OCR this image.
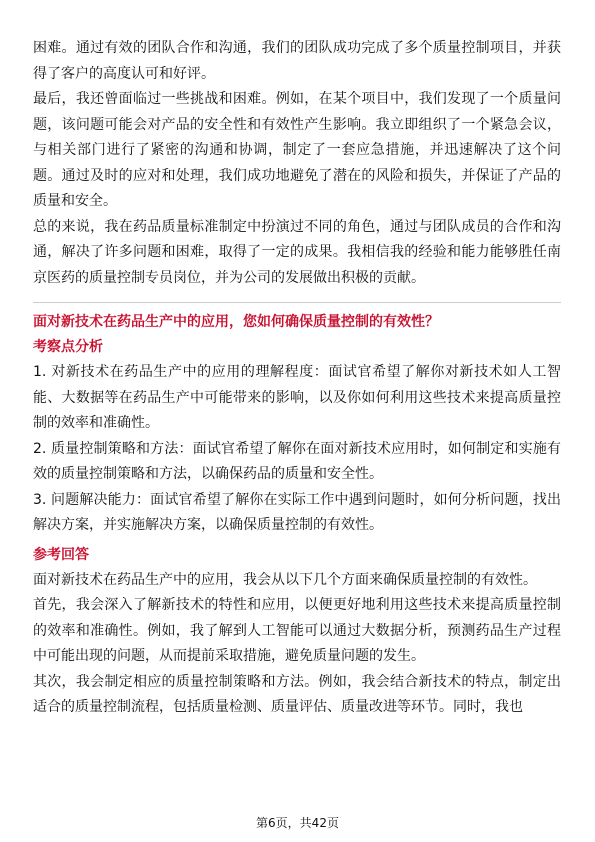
困难。通过有效的团队合作和沟通，我们的团队成功完成了多个质量控制项目，并获得了客户的高度认可和好评。

最后，我还曾面临过一些挑战和困难。例如，在某个项目中，我们发现了一个质量问题，该问题可能会对产品的安全性和有效性产生影响。我立即组织了一个紧急会议，与相关部门进行了紧密的沟通和协调，制定了一套应急措施，并迅速解决了这个问题。通过及时的应对和处理，我们成功地避免了潜在的风险和损失，并保证了产品的质量和安全。

总的来说，我在药品质量标准制定中扮演过不同的角色，通过与团队成员的合作和沟通，解决了许多问题和困难，取得了一定的成果。我相信我的经验和能力能够胜任南京医药的质量控制专员岗位，并为公司的发展做出积极的贡献。

面对新技术在药品生产中的应用，您如何确保质量控制的有效性？

考察点分析

1. 对新技术在药品生产中的应用的理解程度：面试官希望了解你对新技术如人工智能、大数据等在药品生产中可能带来的影响，以及你如何利用这些技术来提高质量控制的效率和准确性。

2. 质量控制策略和方法：面试官希望了解你在面对新技术应用时，如何制定和实施有效的质量控制策略和方法，以确保药品的质量和安全性。

3. 问题解决能力：面试官希望了解你在实际工作中遇到问题时，如何分析问题，找出解决方案，并实施解决方案，以确保质量控制的有效性。

参考回答

面对新技术在药品生产中的应用，我会从以下几个方面来确保质量控制的有效性。

首先，我会深入了解新技术的特性和应用，以便更好地利用这些技术来提高质量控制的效率和准确性。例如，我了解到人工智能可以通过大数据分析，预测药品生产过程中可能出现的问题，从而提前采取措施，避免质量问题的发生。

其次，我会制定相应的质量控制策略和方法。例如，我会结合新技术的特点，制定出适合的质量控制流程，包括质量检测、质量评估、质量改进等环节。同时，我也

第6页，共42页
